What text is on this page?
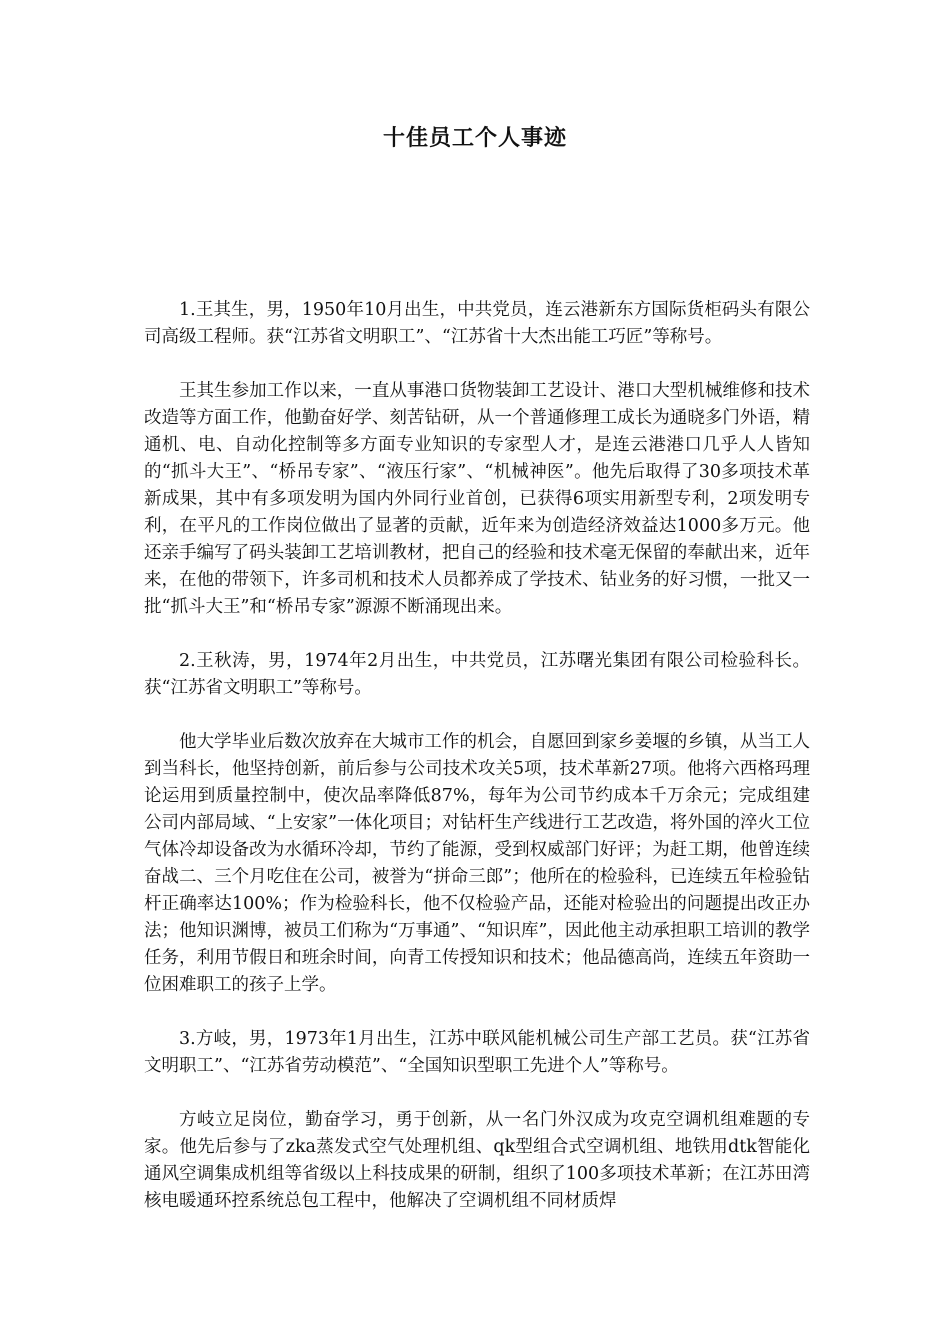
十佳员工个人事迹

1.王其生，男，1950年10月出生，中共党员，连云港新东方国际货柜码头有限公司高级工程师。获“江苏省文明职工”、“江苏省十大杰出能工巧匠”等称号。

王其生参加工作以来，一直从事港口货物装卸工艺设计、港口大型机械维修和技术改造等方面工作，他勤奋好学、刻苦钻研，从一个普通修理工成长为通晓多门外语，精通机、电、自动化控制等多方面专业知识的专家型人才，是连云港港口几乎人人皆知的“抓斗大王”、“桥吊专家”、“液压行家”、“机械神医”。他先后取得了30多项技术革新成果，其中有多项发明为国内外同行业首创，已获得6项实用新型专利，2项发明专利，在平凡的工作岗位做出了显著的贡献，近年来为创造经济效益达1000多万元。他还亲手编写了码头装卸工艺培训教材，把自己的经验和技术毫无保留的奉献出来，近年来，在他的带领下，许多司机和技术人员都养成了学技术、钻业务的好习惯，一批又一批“抓斗大王”和“桥吊专家”源源不断涌现出来。

2.王秋涛，男，1974年2月出生，中共党员，江苏曙光集团有限公司检验科长。获“江苏省文明职工”等称号。

他大学毕业后数次放弃在大城市工作的机会，自愿回到家乡姜堰的乡镇，从当工人到当科长，他坚持创新，前后参与公司技术攻关5项，技术革新27项。他将六西格玛理论运用到质量控制中，使次品率降低87%，每年为公司节约成本千万余元；完成组建公司内部局域、“上安家”一体化项目；对钻杆生产线进行工艺改造，将外国的淬火工位气体冷却设备改为水循环冷却，节约了能源，受到权威部门好评；为赶工期，他曾连续奋战二、三个月吃住在公司，被誉为“拼命三郎”；他所在的检验科，已连续五年检验钻杆正确率达100%；作为检验科长，他不仅检验产品，还能对检验出的问题提出改正办法；他知识渊博，被员工们称为“万事通”、“知识库”，因此他主动承担职工培训的教学任务，利用节假日和班余时间，向青工传授知识和技术；他品德高尚，连续五年资助一位困难职工的孩子上学。

3.方岐，男，1973年1月出生，江苏中联风能机械公司生产部工艺员。获“江苏省文明职工”、“江苏省劳动模范”、“全国知识型职工先进个人”等称号。

方岐立足岗位，勤奋学习，勇于创新，从一名门外汉成为攻克空调机组难题的专家。他先后参与了zka蒸发式空气处理机组、qk型组合式空调机组、地铁用dtk智能化通风空调集成机组等省级以上科技成果的研制，组织了100多项技术革新；在江苏田湾核电暖通环控系统总包工程中，他解决了空调机组不同材质焊
